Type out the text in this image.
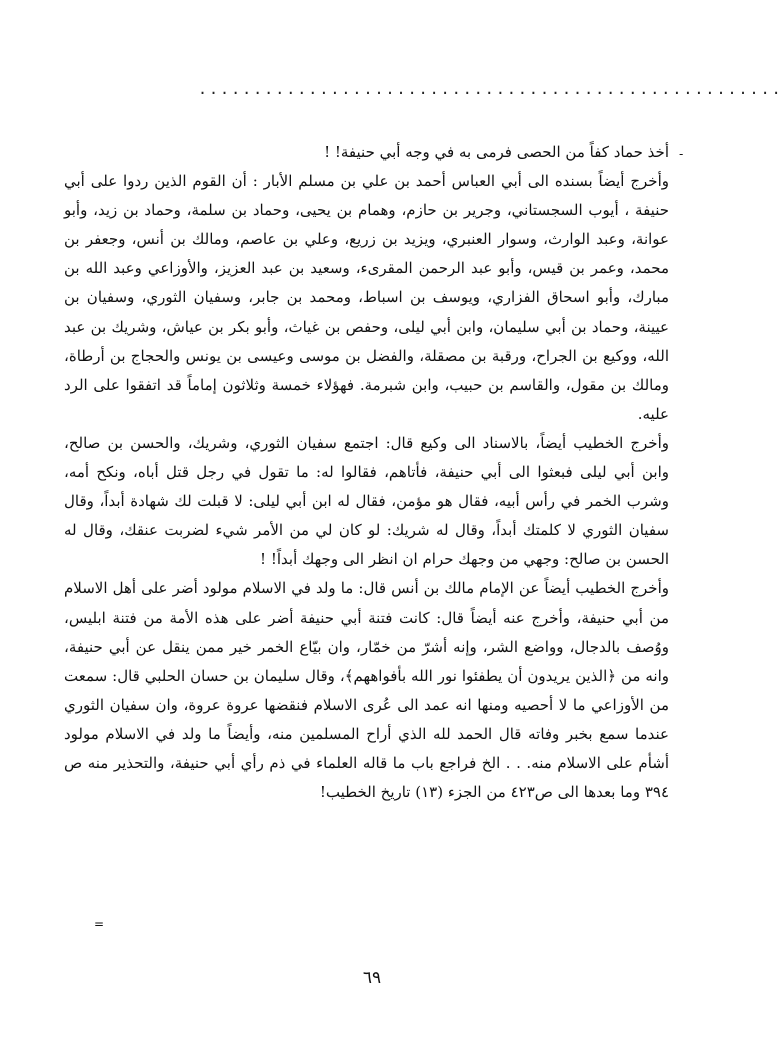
.....................................................
-

أخذ حماد كفاً من الحصى فرمى به في وجه أبي حنيفة! !

وأخرج أيضاً بسنده الى أبي العباس أحمد بن علي بن مسلم الأبار : أن القوم الذين ردوا على أبي حنيفة ، أيوب السجستاني، وجرير بن حازم، وهمام بن يحيى، وحماد بن سلمة، وحماد بن زيد، وأبو عوانة، وعبد الوارث، وسوار العنبري، ويزيد بن زريع، وعلي بن عاصم، ومالك بن أنس، وجعفر بن محمد، وعمر بن قيس، وأبو عبد الرحمن المقرىء، وسعيد بن عبد العزيز، والأوزاعي وعبد الله بن مبارك، وأبو اسحاق الفزاري، ويوسف بن اسباط، ومحمد بن جابر، وسفيان الثوري، وسفيان بن عيينة، وحماد بن أبي سليمان، وابن أبي ليلى، وحفص بن غياث، وأبو بكر بن عياش، وشريك بن عبد الله، ووكيع بن الجراح، ورقبة بن مصقلة، والفضل بن موسى وعيسى بن يونس والحجاج بن أرطاة، ومالك بن مقول، والقاسم بن حبيب، وابن شبرمة. فهؤلاء خمسة وثلاثون إماماً قد اتفقوا على الرد عليه.

وأخرج الخطيب أيضاً، بالاسناد الى وكيع قال: اجتمع سفيان الثوري، وشريك، والحسن بن صالح، وابن أبي ليلى فبعثوا الى أبي حنيفة، فأتاهم، فقالوا له: ما تقول في رجل قتل أباه، ونكح أمه، وشرب الخمر في رأس أبيه، فقال هو مؤمن، فقال له ابن أبي ليلى: لا قبلت لك شهادة أبداً، وقال سفيان الثوري لا كلمتك أبداً، وقال له شريك: لو كان لي من الأمر شيء لضربت عنقك، وقال له الحسن بن صالح: وجهي من وجهك حرام ان انظر الى وجهك أبداً! !

وأخرج الخطيب أيضاً عن الإمام مالك بن أنس قال: ما ولد في الاسلام مولود أضر على أهل الاسلام من أبي حنيفة، وأخرج عنه أيضاً قال: كانت فتنة أبي حنيفة أضر على هذه الأمة من فتنة ابليس، ووُصف بالدجال، وواضع الشر، وإنه أشرّ من خمّار، وان بيّاع الخمر خير ممن ينقل عن أبي حنيفة، وانه من ﴿الذين يريدون أن يطفئوا نور الله بأفواههم﴾، وقال سليمان بن حسان الحلبي قال: سمعت من الأوزاعي ما لا أحصيه ومنها انه عمد الى عُرى الاسلام فنقضها عروة عروة، وان سفيان الثوري عندما سمع بخبر وفاته قال الحمد لله الذي أراح المسلمين منه، وأيضاً ما ولد في الاسلام مولود أشأم على الاسلام منه. . . الخ فراجع باب ما قاله العلماء في ذم رأي أبي حنيفة، والتحذير منه ص ٣٩٤ وما بعدها الى ص٤٢٣ من الجزء (١٣) تاريخ الخطيب!

=
٦٩
